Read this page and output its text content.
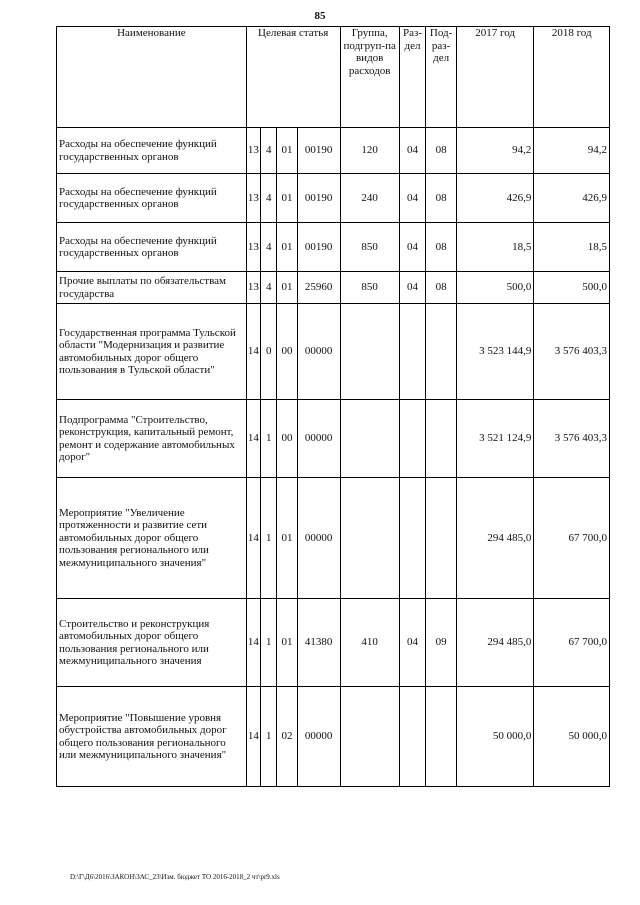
85
Наименование	Целевая статья				Группа, подгруп-па видов расходов	Раз-дел	Под-раз-дел	2017 год	2018 год
Расходы на обеспечение функций государственных органов	13	4	01	00190	120	04	08	94,2	94,2
Расходы на обеспечение функций государственных органов	13	4	01	00190	240	04	08	426,9	426,9
Расходы на обеспечение функций государственных органов	13	4	01	00190	850	04	08	18,5	18,5
Прочие выплаты по обязательствам государства	13	4	01	25960	850	04	08	500,0	500,0
Государственная программа Тульской области "Модернизация и развитие автомобильных дорог общего пользования в Тульской области"	14	0	00	00000				3 523 144,9	3 576 403,3
Подпрограмма "Строительство, реконструкция, капитальный ремонт, ремонт и содержание автомобильных дорог"	14	1	00	00000				3 521 124,9	3 576 403,3
Мероприятие "Увеличение протяженности и развитие сети автомобильных дорог общего пользования регионального или межмуниципального значения"	14	1	01	00000				294 485,0	67 700,0
Строительство и реконструкция автомобильных дорог общего пользования регионального или межмуниципального значения	14	1	01	41380	410	04	09	294 485,0	67 700,0
Мероприятие "Повышение уровня обустройства автомобильных дорог общего пользования регионального или межмуниципального значения"	14	1	02	00000				50 000,0	50 000,0
D:\Г\Д6\2016\ЗАКОН\ЗАС_23\Изм. бюджет ТО 2016-2018_2 чт\pr9.xls
